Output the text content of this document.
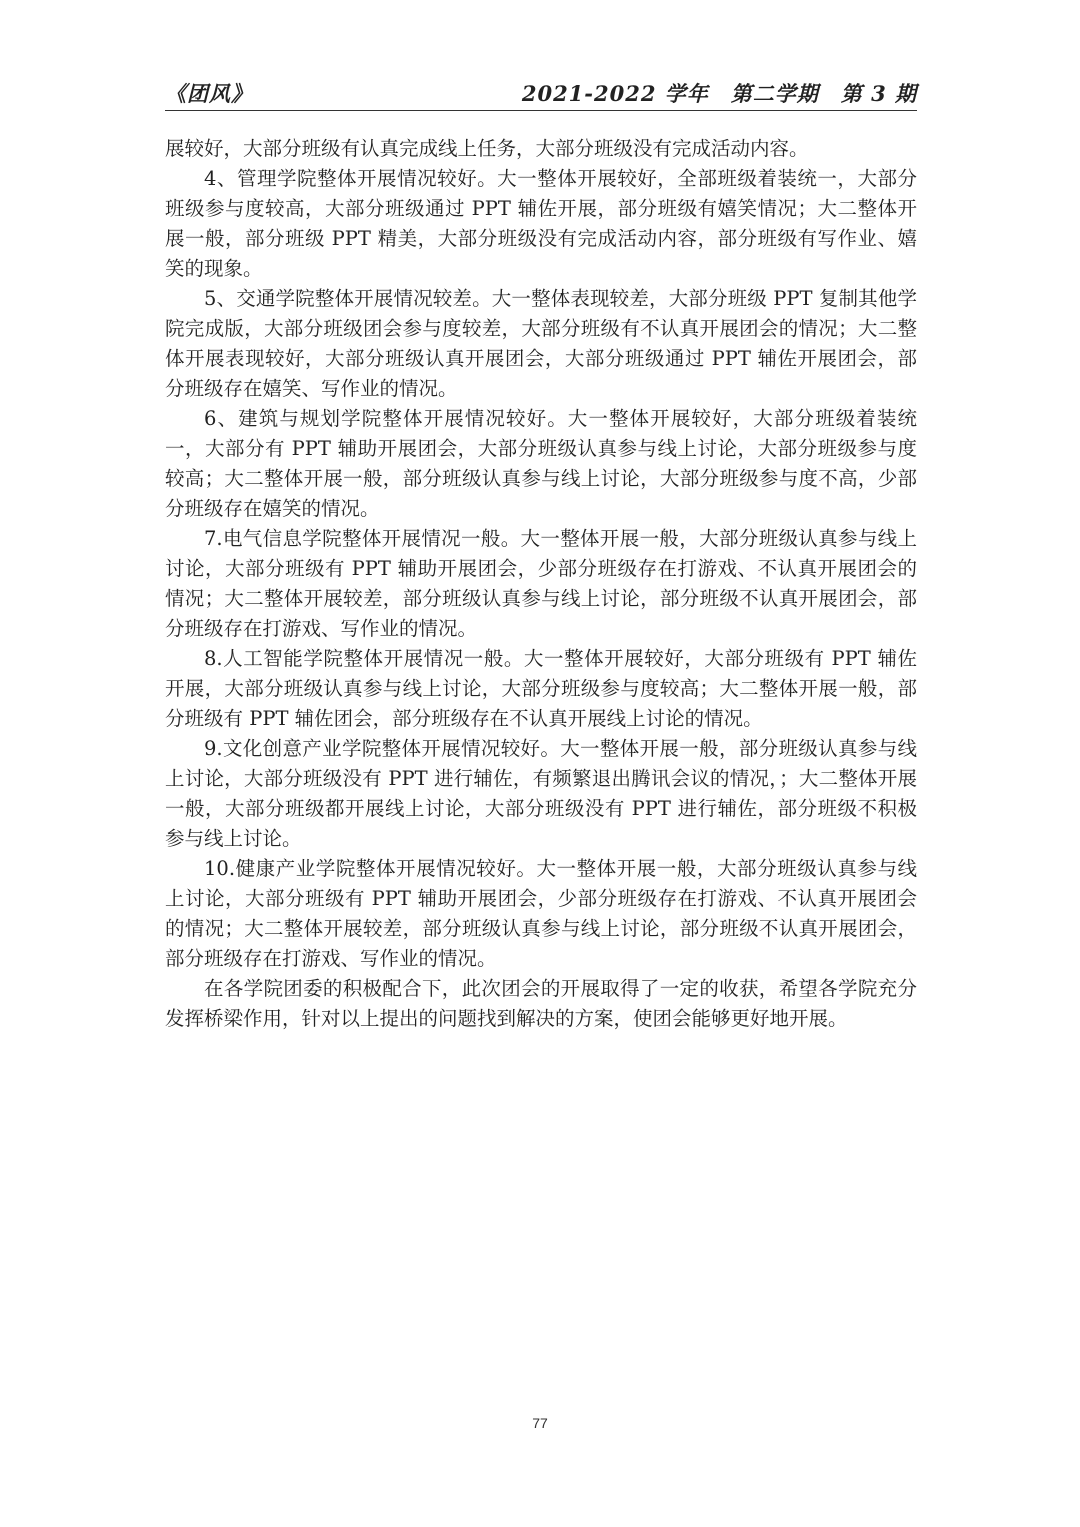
《团风》	2021-2022 学年 第二学期 第 3 期

展较好，大部分班级有认真完成线上任务，大部分班级没有完成活动内容。

4、管理学院整体开展情况较好。大一整体开展较好，全部班级着装统一，大部分班级参与度较高，大部分班级通过 PPT 辅佐开展，部分班级有嬉笑情况；大二整体开展一般，部分班级 PPT 精美，大部分班级没有完成活动内容，部分班级有写作业、嬉笑的现象。

5、交通学院整体开展情况较差。大一整体表现较差，大部分班级 PPT 复制其他学院完成版，大部分班级团会参与度较差，大部分班级有不认真开展团会的情况；大二整体开展表现较好，大部分班级认真开展团会，大部分班级通过 PPT 辅佐开展团会，部分班级存在嬉笑、写作业的情况。

6、建筑与规划学院整体开展情况较好。大一整体开展较好，大部分班级着装统一，大部分有 PPT 辅助开展团会，大部分班级认真参与线上讨论，大部分班级参与度较高；大二整体开展一般，部分班级认真参与线上讨论，大部分班级参与度不高，少部分班级存在嬉笑的情况。

7.电气信息学院整体开展情况一般。大一整体开展一般，大部分班级认真参与线上讨论，大部分班级有 PPT 辅助开展团会，少部分班级存在打游戏、不认真开展团会的情况；大二整体开展较差，部分班级认真参与线上讨论，部分班级不认真开展团会，部分班级存在打游戏、写作业的情况。

8.人工智能学院整体开展情况一般。大一整体开展较好，大部分班级有 PPT 辅佐开展，大部分班级认真参与线上讨论，大部分班级参与度较高；大二整体开展一般，部分班级有 PPT 辅佐团会，部分班级存在不认真开展线上讨论的情况。

9.文化创意产业学院整体开展情况较好。大一整体开展一般，部分班级认真参与线上讨论，大部分班级没有 PPT 进行辅佐，有频繁退出腾讯会议的情况，；大二整体开展一般，大部分班级都开展线上讨论，大部分班级没有 PPT 进行辅佐，部分班级不积极参与线上讨论。

10.健康产业学院整体开展情况较好。大一整体开展一般，大部分班级认真参与线上讨论，大部分班级有 PPT 辅助开展团会，少部分班级存在打游戏、不认真开展团会的情况；大二整体开展较差，部分班级认真参与线上讨论，部分班级不认真开展团会，部分班级存在打游戏、写作业的情况。

在各学院团委的积极配合下，此次团会的开展取得了一定的收获，希望各学院充分发挥桥梁作用，针对以上提出的问题找到解决的方案，使团会能够更好地开展。

77
